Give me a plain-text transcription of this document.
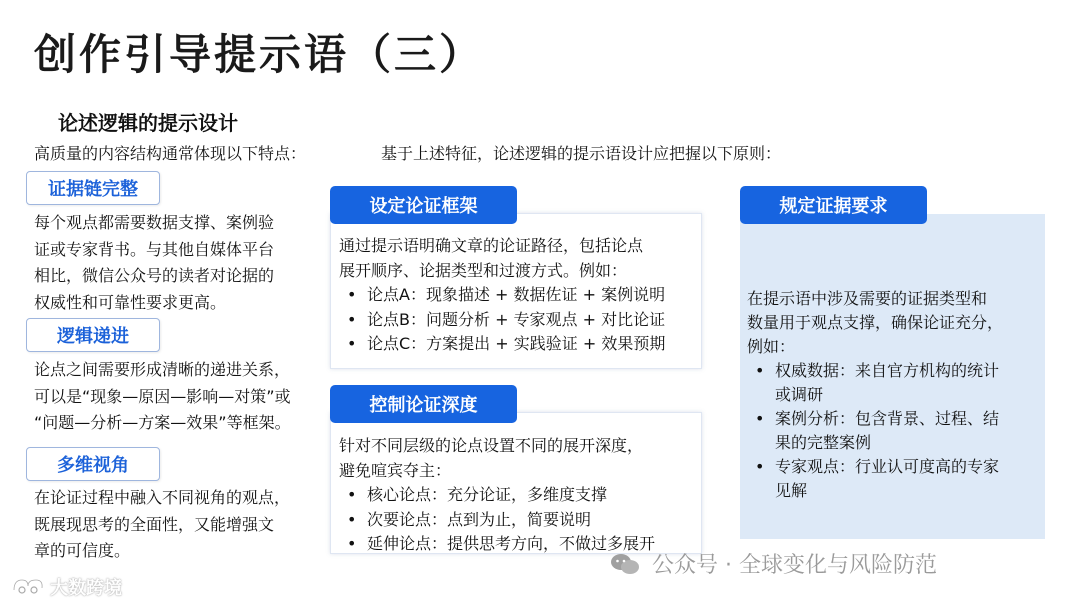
创作引导提示语（三）
论述逻辑的提示设计
高质量的内容结构通常体现以下特点：	基于上述特征，论述逻辑的提示语设计应把握以下原则：
证据链完整
每个观点都需要数据支撑、案例验
证或专家背书。与其他自媒体平台
相比，微信公众号的读者对论据的
权威性和可靠性要求更高。
逻辑递进
论点之间需要形成清晰的递进关系，
可以是“现象—原因—影响—对策”或
“问题—分析—方案—效果”等框架。
多维视角
在论证过程中融入不同视角的观点，
既展现思考的全面性，又能增强文
章的可信度。
设定论证框架
通过提示语明确文章的论证路径，包括论点
展开顺序、论据类型和过渡方式。例如：
• 论点A：现象描述 + 数据佐证 + 案例说明
• 论点B：问题分析 + 专家观点 + 对比论证
• 论点C：方案提出 + 实践验证 + 效果预期
控制论证深度
针对不同层级的论点设置不同的展开深度，
避免喧宾夺主：
• 核心论点：充分论证，多维度支撑
• 次要论点：点到为止，简要说明
• 延伸论点：提供思考方向，不做过多展开
规定证据要求
在提示语中涉及需要的证据类型和
数量用于观点支撑，确保论证充分，
例如：
• 权威数据：来自官方机构的统计
或调研
• 案例分析：包含背景、过程、结
果的完整案例
• 专家观点：行业认可度高的专家
见解
公众号 · 全球变化与风险防范
大数跨境
